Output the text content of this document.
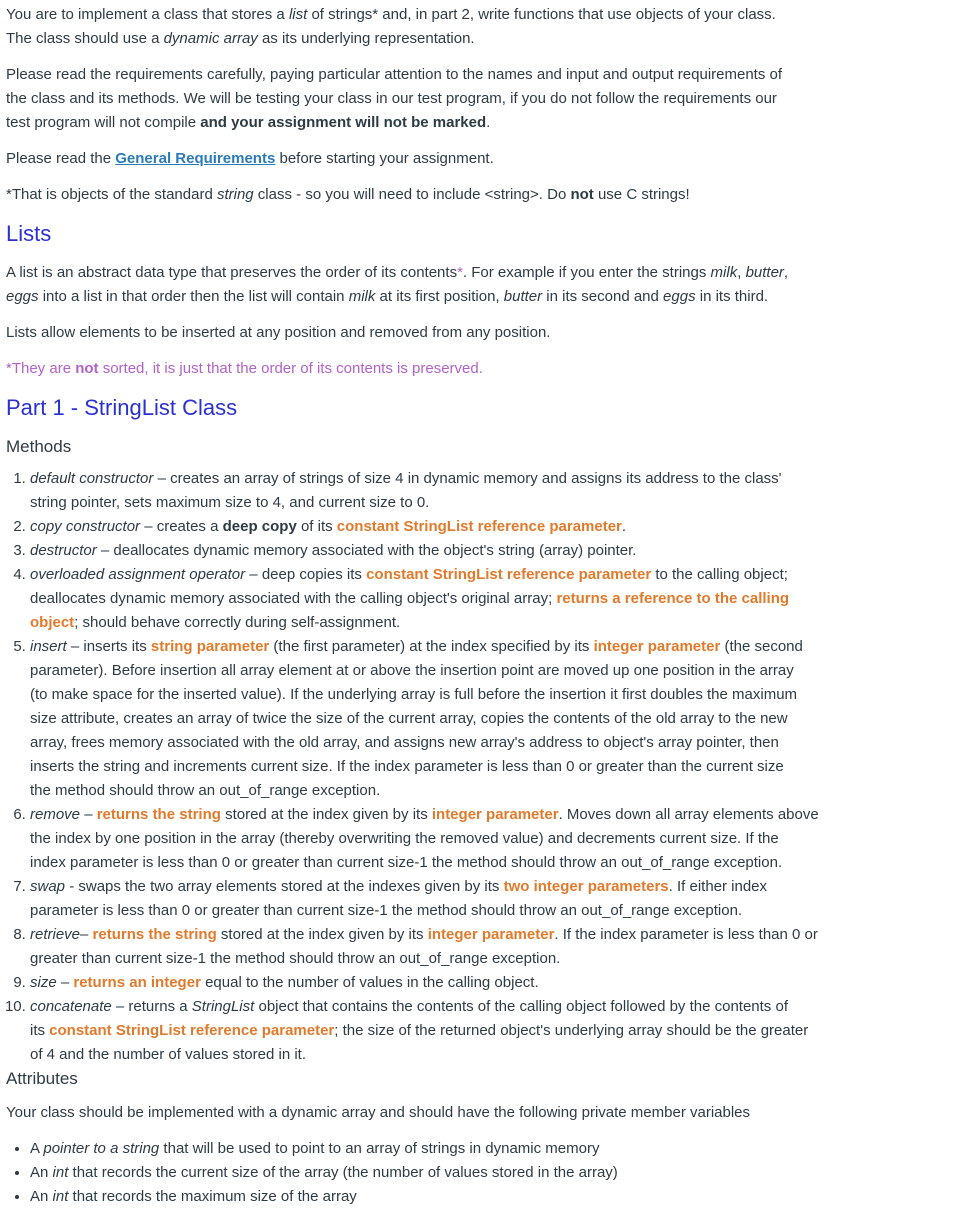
You are to implement a class that stores a list of strings* and, in part 2, write functions that use objects of your class.
The class should use a dynamic array as its underlying representation.

Please read the requirements carefully, paying particular attention to the names and input and output requirements of
the class and its methods. We will be testing your class in our test program, if you do not follow the requirements our
test program will not compile and your assignment will not be marked.

Please read the General Requirements before starting your assignment.

*That is objects of the standard string class - so you will need to include <string>. Do not use C strings!

Lists

A list is an abstract data type that preserves the order of its contents*. For example if you enter the strings milk, butter,
eggs into a list in that order then the list will contain milk at its first position, butter in its second and eggs in its third.

Lists allow elements to be inserted at any position and removed from any position.

*They are not sorted, it is just that the order of its contents is preserved.

Part 1 - StringList Class
Methods
1. default constructor – creates an array of strings of size 4 in dynamic memory and assigns its address to the class'
string pointer, sets maximum size to 4, and current size to 0.
2. copy constructor – creates a deep copy of its constant StringList reference parameter.
3. destructor – deallocates dynamic memory associated with the object's string (array) pointer.
4. overloaded assignment operator – deep copies its constant StringList reference parameter to the calling object;
deallocates dynamic memory associated with the calling object's original array; returns a reference to the calling
object; should behave correctly during self-assignment.
5. insert – inserts its string parameter (the first parameter) at the index specified by its integer parameter (the second
parameter). Before insertion all array element at or above the insertion point are moved up one position in the array
(to make space for the inserted value). If the underlying array is full before the insertion it first doubles the maximum
size attribute, creates an array of twice the size of the current array, copies the contents of the old array to the new
array, frees memory associated with the old array, and assigns new array's address to object's array pointer, then
inserts the string and increments current size. If the index parameter is less than 0 or greater than the current size
the method should throw an out_of_range exception.
6. remove – returns the string stored at the index given by its integer parameter. Moves down all array elements above
the index by one position in the array (thereby overwriting the removed value) and decrements current size. If the
index parameter is less than 0 or greater than current size-1 the method should throw an out_of_range exception.
7. swap - swaps the two array elements stored at the indexes given by its two integer parameters. If either index
parameter is less than 0 or greater than current size-1 the method should throw an out_of_range exception.
8. retrieve– returns the string stored at the index given by its integer parameter. If the index parameter is less than 0 or
greater than current size-1 the method should throw an out_of_range exception.
9. size – returns an integer equal to the number of values in the calling object.
10. concatenate – returns a StringList object that contains the contents of the calling object followed by the contents of
its constant StringList reference parameter; the size of the returned object's underlying array should be the greater
of 4 and the number of values stored in it.
Attributes

Your class should be implemented with a dynamic array and should have the following private member variables

• A pointer to a string that will be used to point to an array of strings in dynamic memory
• An int that records the current size of the array (the number of values stored in the array)
• An int that records the maximum size of the array
